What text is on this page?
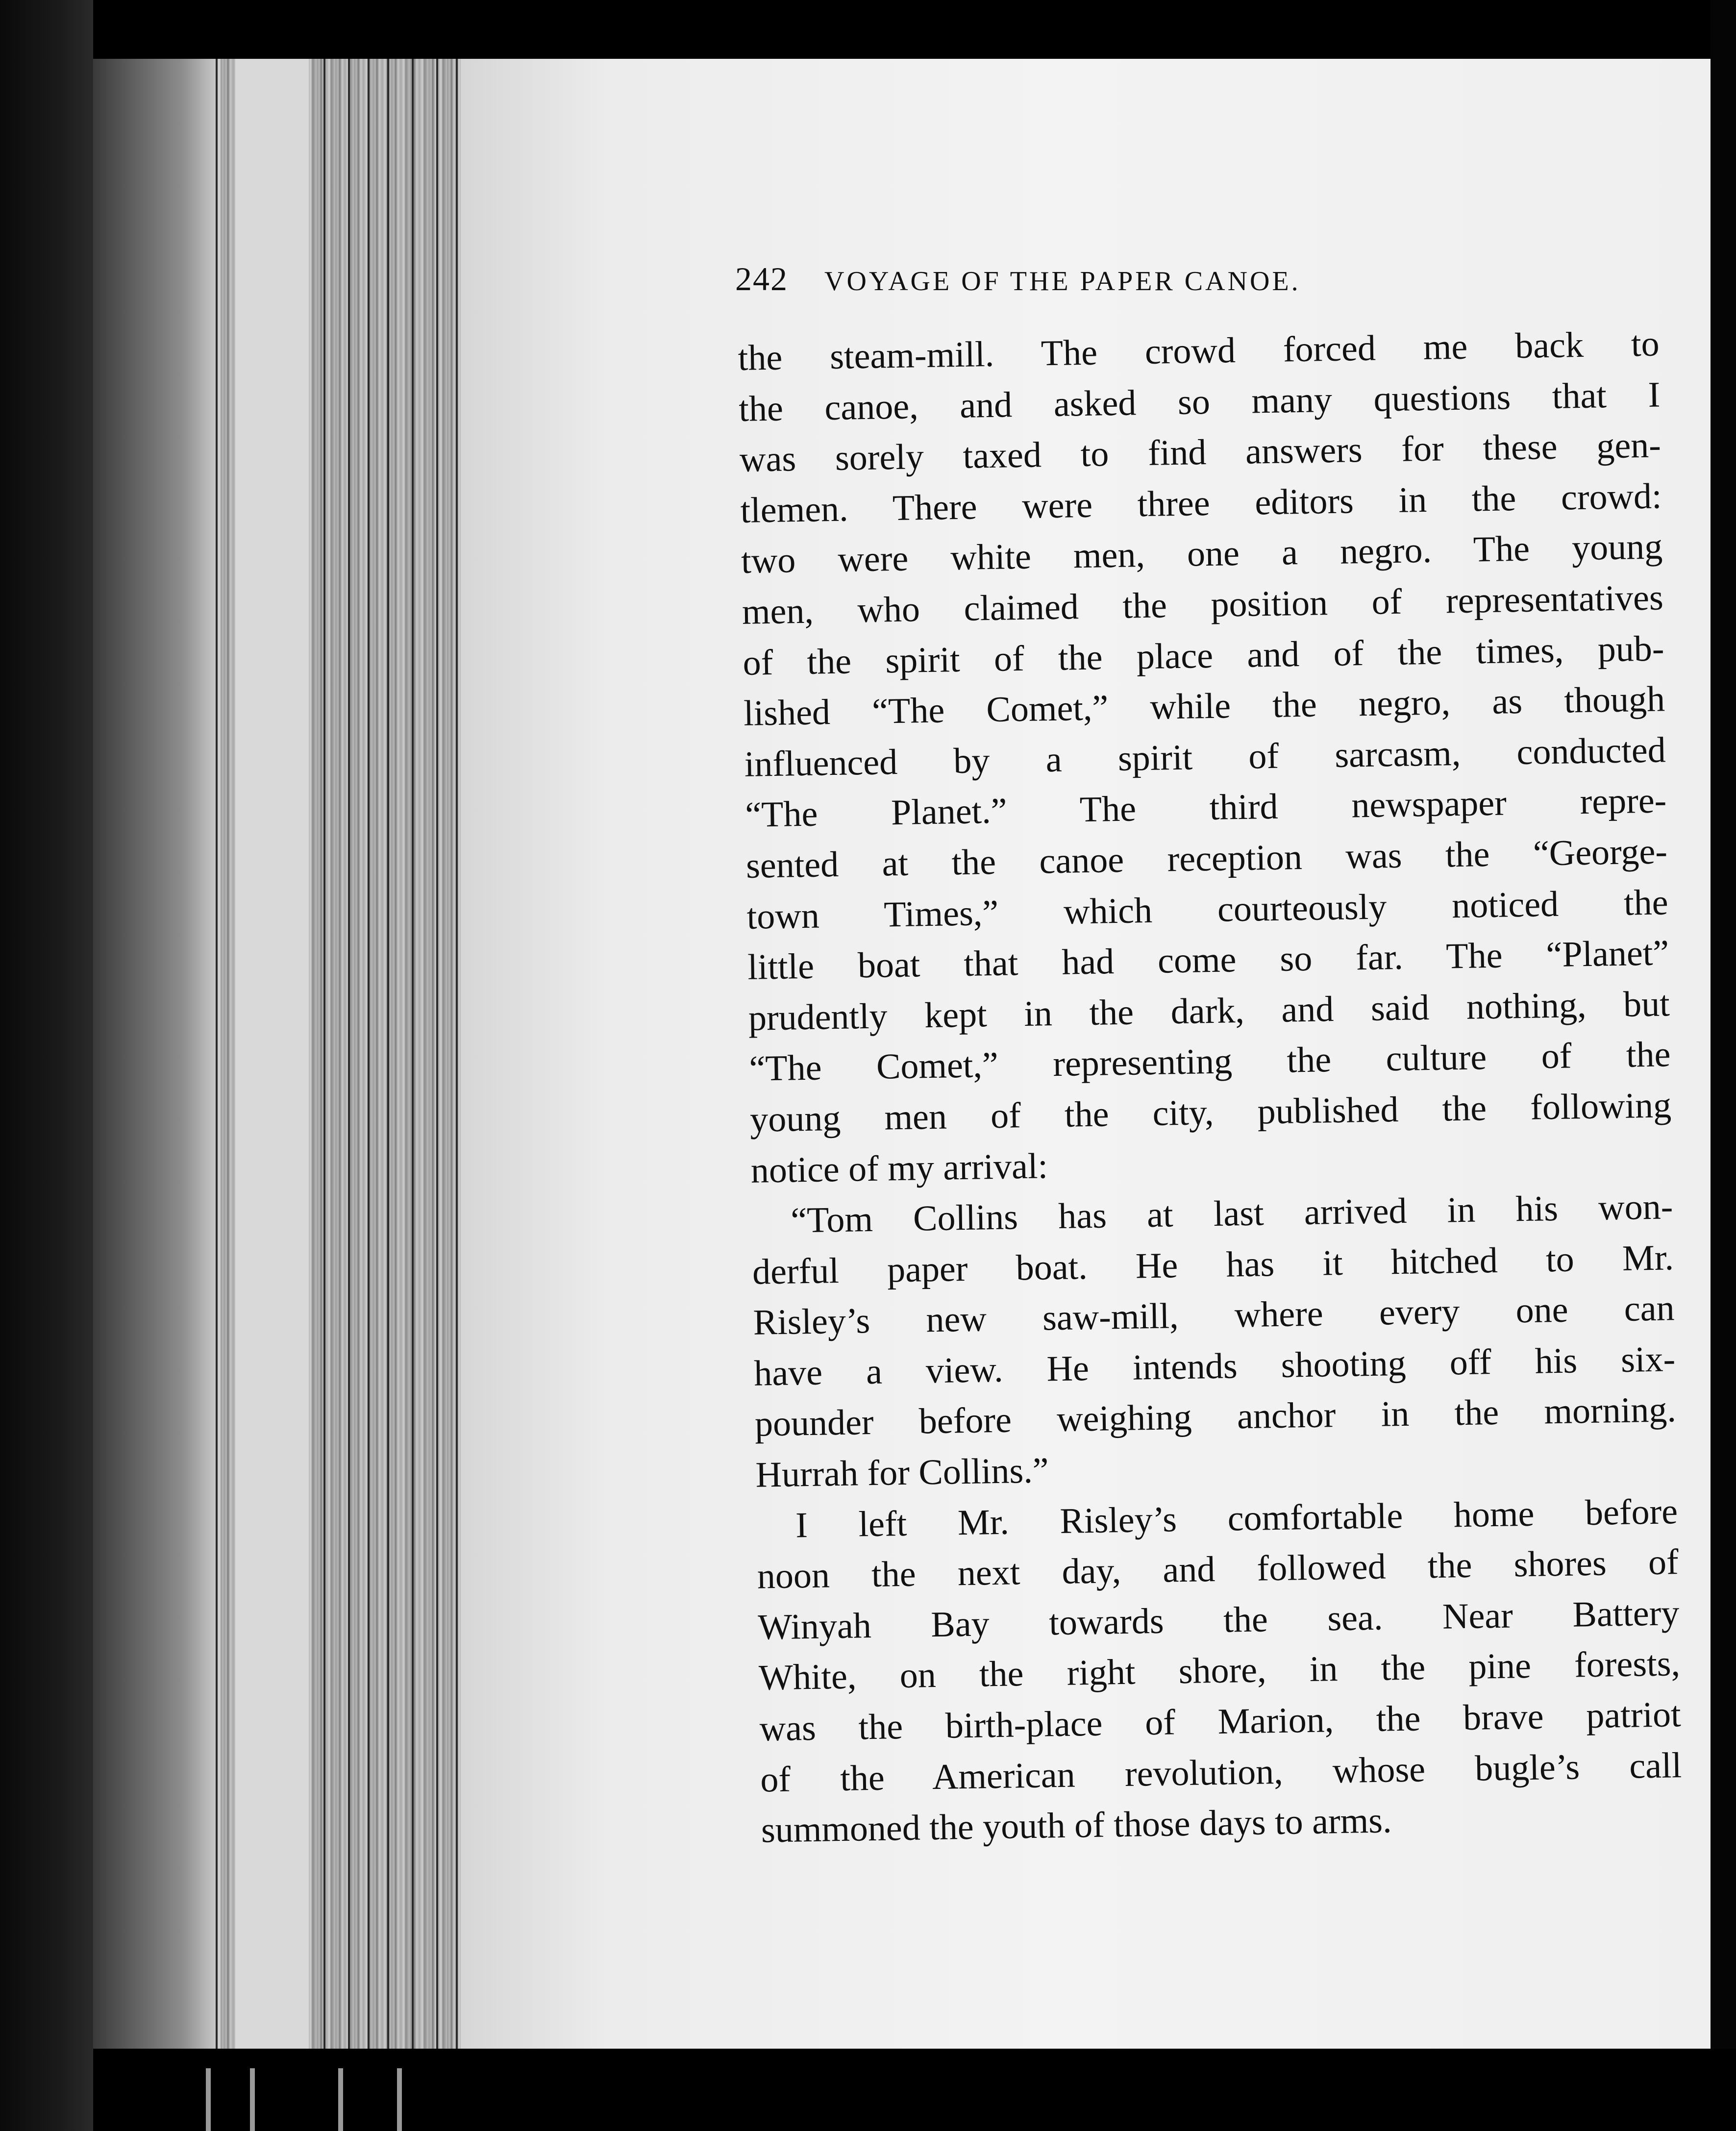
242 VOYAGE OF THE PAPER CANOE.
the steam-mill. The crowd forced me back to
the canoe, and asked so many questions that I
was sorely taxed to find answers for these gen-
tlemen. There were three editors in the crowd:
two were white men, one a negro. The young
men, who claimed the position of representatives
of the spirit of the place and of the times, pub-
lished “The Comet,” while the negro, as though
influenced by a spirit of sarcasm, conducted
“The Planet.” The third newspaper repre-
sented at the canoe reception was the “George-
town Times,” which courteously noticed the
little boat that had come so far. The “Planet”
prudently kept in the dark, and said nothing, but
“The Comet,” representing the culture of the
young men of the city, published the following
notice of my arrival:
“Tom Collins has at last arrived in his won-
derful paper boat. He has it hitched to Mr.
Risley’s new saw-mill, where every one can
have a view. He intends shooting off his six-
pounder before weighing anchor in the morning.
Hurrah for Collins.”
I left Mr. Risley’s comfortable home before
noon the next day, and followed the shores of
Winyah Bay towards the sea. Near Battery
White, on the right shore, in the pine forests,
was the birth-place of Marion, the brave patriot
of the American revolution, whose bugle’s call
summoned the youth of those days to arms.
